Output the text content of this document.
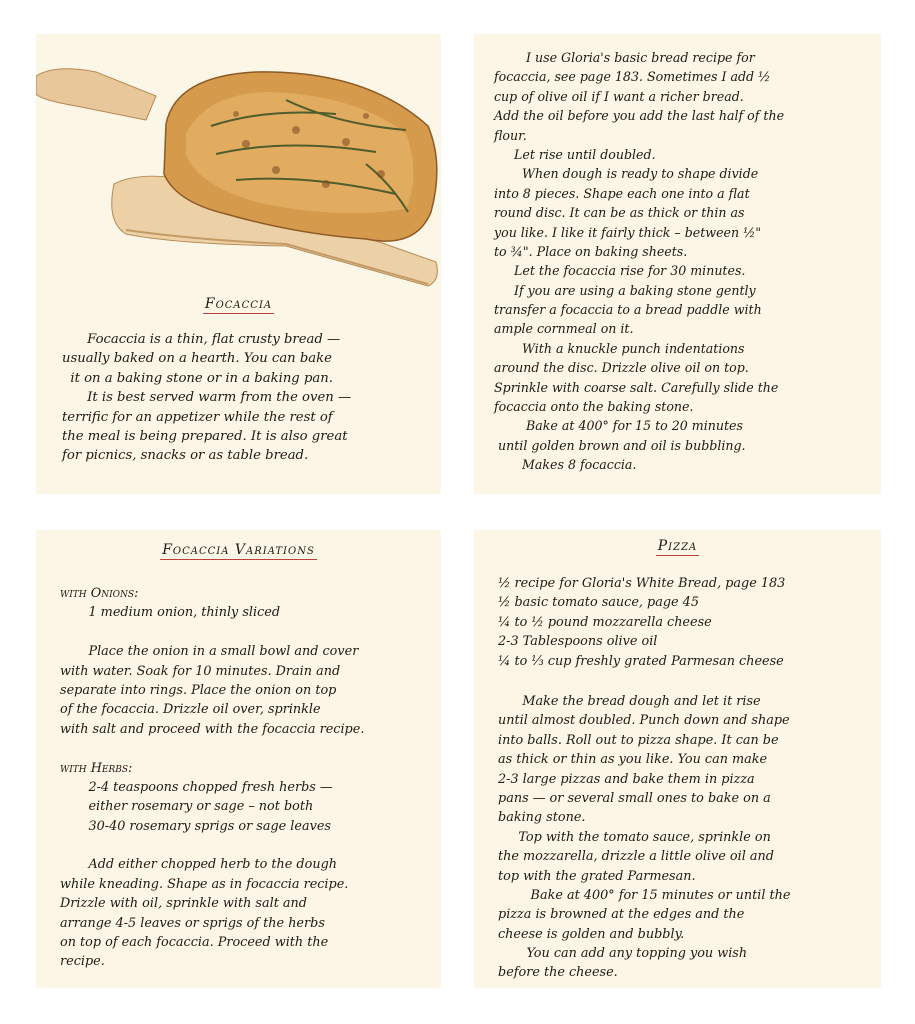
Focaccia
Focaccia is a thin, flat crusty bread —
usually baked on a hearth. You can bake
it on a baking stone or in a baking pan.
It is best served warm from the oven —
terrific for an appetizer while the rest of
the meal is being prepared. It is also great
for picnics, snacks or as table bread.
I use Gloria's basic bread recipe for
focaccia, see page 183. Sometimes I add ½
cup of olive oil if I want a richer bread.
Add the oil before you add the last half of the
flour.
Let rise until doubled.
When dough is ready to shape divide
into 8 pieces. Shape each one into a flat
round disc. It can be as thick or thin as
you like. I like it fairly thick – between ½"
to ¾". Place on baking sheets.
Let the focaccia rise for 30 minutes.
If you are using a baking stone gently
transfer a focaccia to a bread paddle with
ample cornmeal on it.
With a knuckle punch indentations
around the disc. Drizzle olive oil on top.
Sprinkle with coarse salt. Carefully slide the
focaccia onto the baking stone.
Bake at 400° for 15 to 20 minutes
until golden brown and oil is bubbling.
Makes 8 focaccia.
Focaccia Variations
with Onions:
1 medium onion, thinly sliced
Place the onion in a small bowl and cover
with water. Soak for 10 minutes. Drain and
separate into rings. Place the onion on top
of the focaccia. Drizzle oil over, sprinkle
with salt and proceed with the focaccia recipe.
with Herbs:
2-4 teaspoons chopped fresh herbs —
either rosemary or sage – not both
30-40 rosemary sprigs or sage leaves
Add either chopped herb to the dough
while kneading. Shape as in focaccia recipe.
Drizzle with oil, sprinkle with salt and
arrange 4-5 leaves or sprigs of the herbs
on top of each focaccia. Proceed with the
recipe.
Pizza
½ recipe for Gloria's White Bread, page 183
½ basic tomato sauce, page 45
¼ to ½ pound mozzarella cheese
2-3 Tablespoons olive oil
¼ to ⅓ cup freshly grated Parmesan cheese
Make the bread dough and let it rise
until almost doubled. Punch down and shape
into balls. Roll out to pizza shape. It can be
as thick or thin as you like. You can make
2-3 large pizzas and bake them in pizza
pans — or several small ones to bake on a
baking stone.
Top with the tomato sauce, sprinkle on
the mozzarella, drizzle a little olive oil and
top with the grated Parmesan.
Bake at 400° for 15 minutes or until the
pizza is browned at the edges and the
cheese is golden and bubbly.
You can add any topping you wish
before the cheese.
